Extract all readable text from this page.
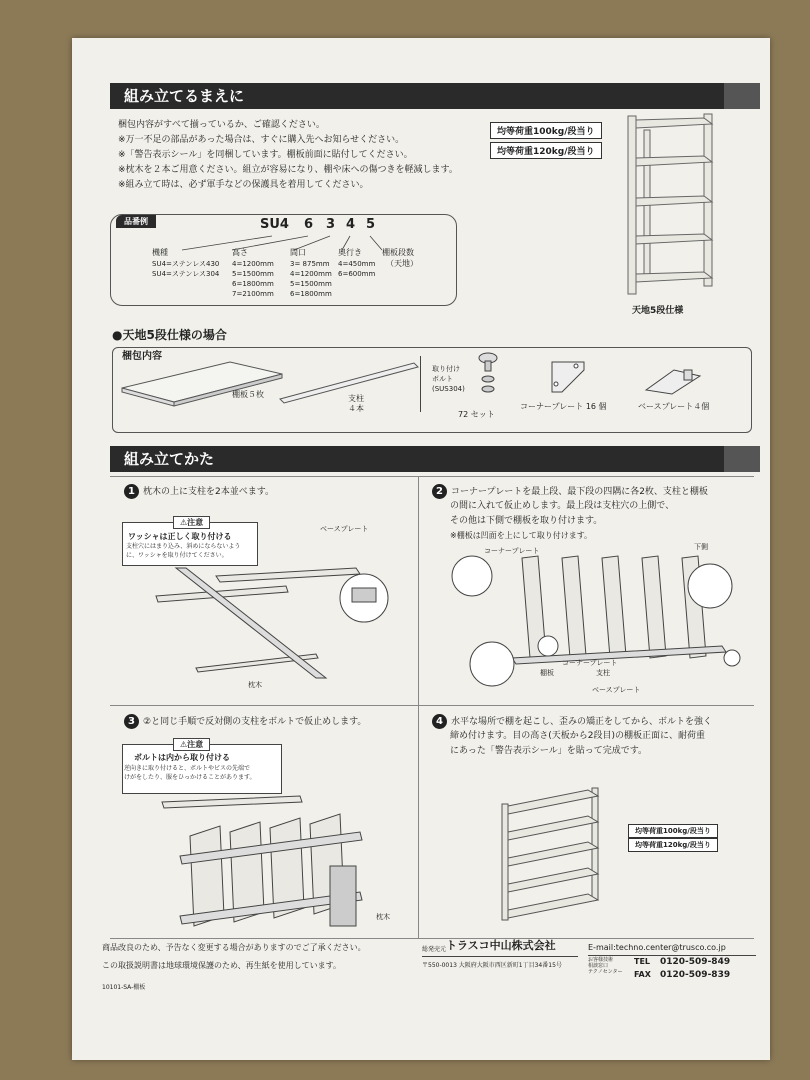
組み立てるまえに
梱包内容がすべて揃っているか、ご確認ください。
※万一不足の部品があった場合は、すぐに購入先へお知らせください。
※「警告表示シール」を同梱しています。棚板前面に貼付してください。
※枕木を２本ご用意ください。組立が容易になり、棚や床への傷つきを軽減します。
※組み立て時は、必ず軍手などの保護具を着用してください。
均等荷重100kg/段当り
均等荷重120kg/段当り
天地5段仕様
品番例	SU4 6 3 4 5
機種
SU4=ステンレス430
SU4=ステンレス304
高さ
4=1200mm
5=1500mm
6=1800mm
7=2100mm
間口
3= 875mm
4=1200mm
5=1500mm
6=1800mm
奥行き
4=450mm
6=600mm
棚板段数
（天地）
●天地5段仕様の場合
梱包内容
棚板５枚	支柱
４本
取り付け
ボルト
(SUS304)
72 セット
コーナープレート 16 個	ベースプレート４個
組み立てかた
1 枕木の上に支柱を2本並べます。
⚠注意
ワッシャは正しく取り付ける
支柱穴にはまり込み、斜めにならないよう
に、ワッシャを取り付けてください。
ベースプレート
枕木
2 コーナープレートを最上段、最下段の四隅に各2枚、支柱と棚板
の間に入れて仮止めします。最上段は支柱穴の上側で、
その他は下側で棚板を取り付けます。
※棚板は凹面を上にして取り付けます。
コーナープレート	下側
コーナープレート
棚板	支柱
ベースプレート
3 ②と同じ手順で反対側の支柱をボルトで仮止めします。
⚠注意
ボルトは内から取り付ける
逆向きに取り付けると、ボルトやビスの先端で
けがをしたり、服をひっかけることがあります。
枕木
4 水平な場所で棚を起こし、歪みの矯正をしてから、ボルトを強く
締め付けます。目の高さ(天板から2段目)の棚板正面に、耐荷重
にあった「警告表示シール」を貼って完成です。
均等荷重100kg/段当り
均等荷重120kg/段当り
商品改良のため、予告なく変更する場合がありますのでご了承ください。
この取扱説明書は地球環境保護のため、再生紙を使用しています。
10101-SA-棚板
総発売元 トラスコ中山株式会社
〒550-0013 大阪府大阪市西区新町1丁目34番15号
E-mail:techno.center@trusco.co.jp
お客様技術
相談窓口
テクノセンター
TEL 0120-509-849
FAX 0120-509-839
